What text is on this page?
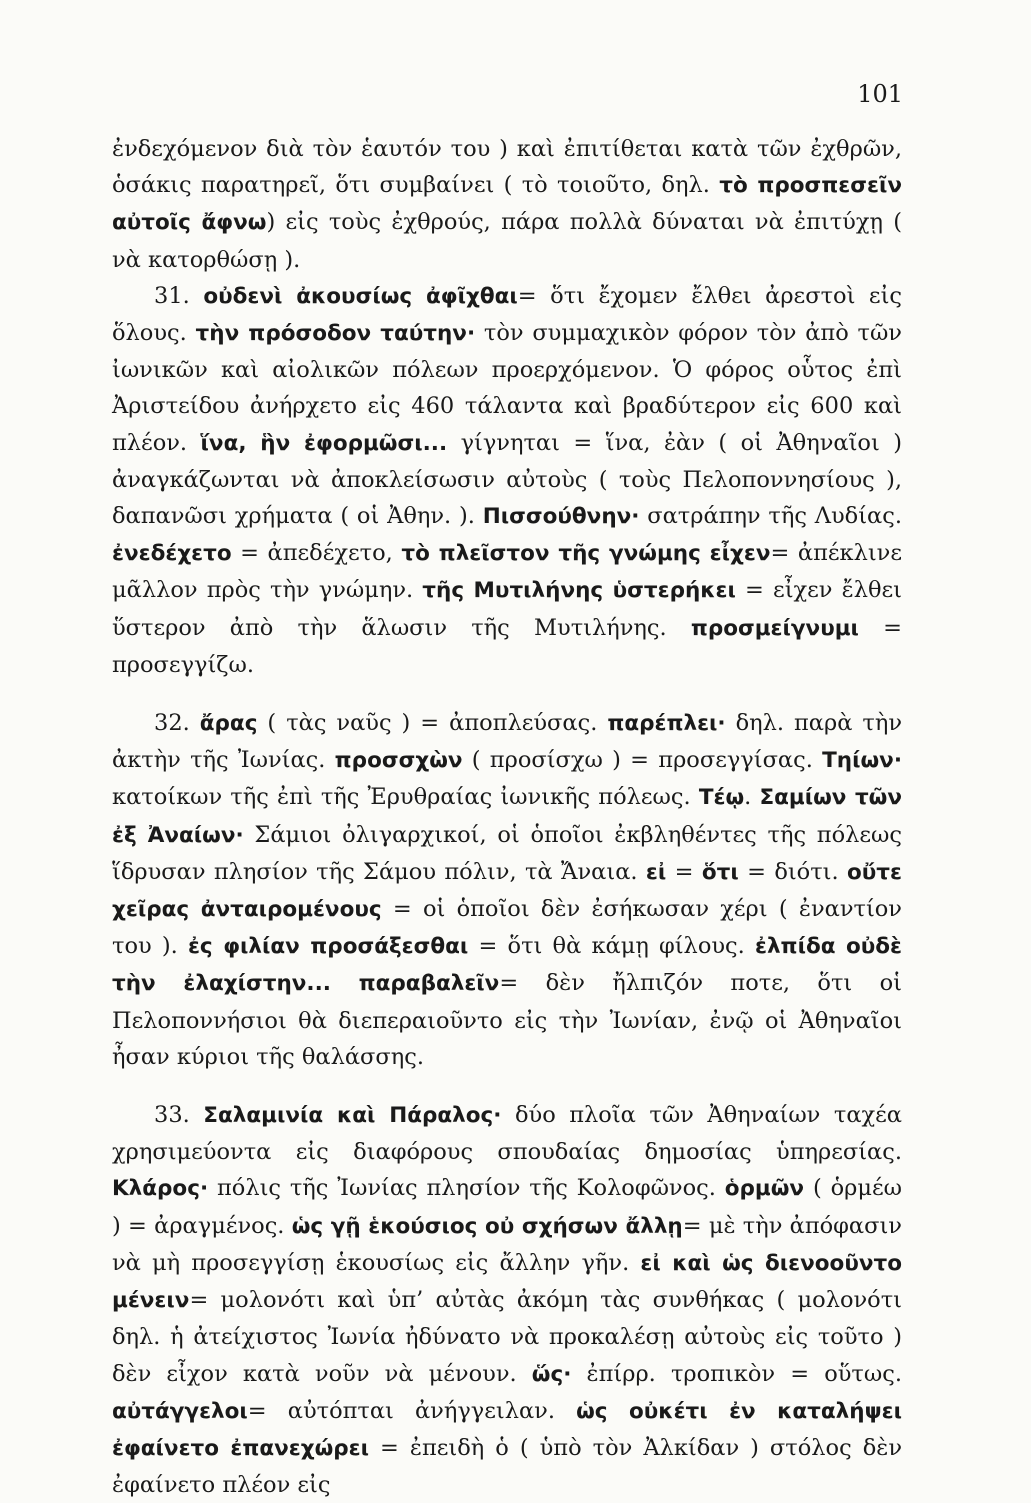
101

ἐνδεχόμενον διὰ τὸν ἑαυτόν του ) καὶ ἐπιτίθεται κατὰ τῶν ἐχθρῶν, ὁσάκις παρατηρεῖ, ὅτι συμβαίνει ( τὸ τοιοῦτο, δηλ. τὸ προσπεσεῖν αὐτοῖς ἄφνω) εἰς τοὺς ἐχθρούς, πάρα πολλὰ δύναται νὰ ἐπιτύχῃ ( νὰ κατορθώσῃ ).

31. οὐδενὶ ἀκουσίως ἀφῖχθαι= ὅτι ἔχομεν ἔλθει ἀρεστοὶ εἰς ὅλους. τὴν πρόσοδον ταύτην· τὸν συμμαχικὸν φόρον τὸν ἀπὸ τῶν ἰωνικῶν καὶ αἰολικῶν πόλεων προερχόμενον. Ὁ φόρος οὗτος ἐπὶ Ἀριστείδου ἀνήρχετο εἰς 460 τάλαντα καὶ βραδύτερον εἰς 600 καὶ πλέον. ἵνα, ἣν ἐφορμῶσι... γίγνηται = ἵνα, ἐὰν ( οἱ Ἀθηναῖοι ) ἀναγκάζωνται νὰ ἀποκλείσωσιν αὐτοὺς ( τοὺς Πελοποννησίους ), δαπανῶσι χρήματα ( οἱ Ἀθην. ). Πισσούθνην· σατράπην τῆς Λυδίας. ἐνεδέχετο = ἀπεδέχετο, τὸ πλεῖστον τῆς γνώμης εἶχεν= ἀπέκλινε μᾶλλον πρὸς τὴν γνώμην. τῆς Μυτιλήνης ὑστερήκει = εἶχεν ἔλθει ὕστερον ἀπὸ τὴν ἅλωσιν τῆς Μυτιλήνης. προσμείγνυμι = προσεγγίζω.

32. ἄρας ( τὰς ναῦς ) = ἀποπλεύσας. παρέπλει· δηλ. παρὰ τὴν ἀκτὴν τῆς Ἰωνίας. προσσχὼν ( προσίσχω ) = προσεγγίσας. Τηίων· κατοίκων τῆς ἐπὶ τῆς Ἐρυθραίας ἰωνικῆς πόλεως. Τέῳ. Σαμίων τῶν ἐξ Ἀναίων· Σάμιοι ὀλιγαρχικοί, οἱ ὁποῖοι ἐκβληθέντες τῆς πόλεως ἵδρυσαν πλησίον τῆς Σάμου πόλιν, τὰ Ἄναια. εἰ = ὅτι = διότι. οὔτε χεῖρας ἀνταιρομένους = οἱ ὁποῖοι δὲν ἐσήκωσαν χέρι ( ἐναντίον του ). ἐς φιλίαν προσάξεσθαι = ὅτι θὰ κάμῃ φίλους. ἐλπίδα οὐδὲ τὴν ἐλαχίστην... παραβαλεῖν= δὲν ἤλπιζόν ποτε, ὅτι οἱ Πελοποννήσιοι θὰ διεπεραιοῦντο εἰς τὴν Ἰωνίαν, ἐνῷ οἱ Ἀθηναῖοι ἦσαν κύριοι τῆς θαλάσσης.

33. Σαλαμινία καὶ Πάραλος· δύο πλοῖα τῶν Ἀθηναίων ταχέα χρησιμεύοντα εἰς διαφόρους σπουδαίας δημοσίας ὑπηρεσίας. Κλάρος· πόλις τῆς Ἰωνίας πλησίον τῆς Κολοφῶνος. ὁρμῶν ( ὁρμέω ) = ἀραγμένος. ὡς γῇ ἑκούσιος οὐ σχήσων ἄλλῃ= μὲ τὴν ἀπόφασιν νὰ μὴ προσεγγίσῃ ἑκουσίως εἰς ἄλλην γῆν. εἰ καὶ ὡς διενοοῦντο μένειν= μολονότι καὶ ὑπ’ αὐτὰς ἀκόμη τὰς συνθήκας ( μολονότι δηλ. ἡ ἀτείχιστος Ἰωνία ἠδύνατο νὰ προκαλέσῃ αὐτοὺς εἰς τοῦτο ) δὲν εἶχον κατὰ νοῦν νὰ μένουν. ὥς· ἐπίρρ. τροπικὸν = οὕτως. αὐτάγγελοι= αὐτόπται ἀνήγγειλαν. ὡς οὐκέτι ἐν καταλήψει ἐφαίνετο ἐπανεχώρει = ἐπειδὴ ὁ ( ὑπὸ τὸν Ἀλκίδαν ) στόλος δὲν ἐφαίνετο πλέον εἰς
